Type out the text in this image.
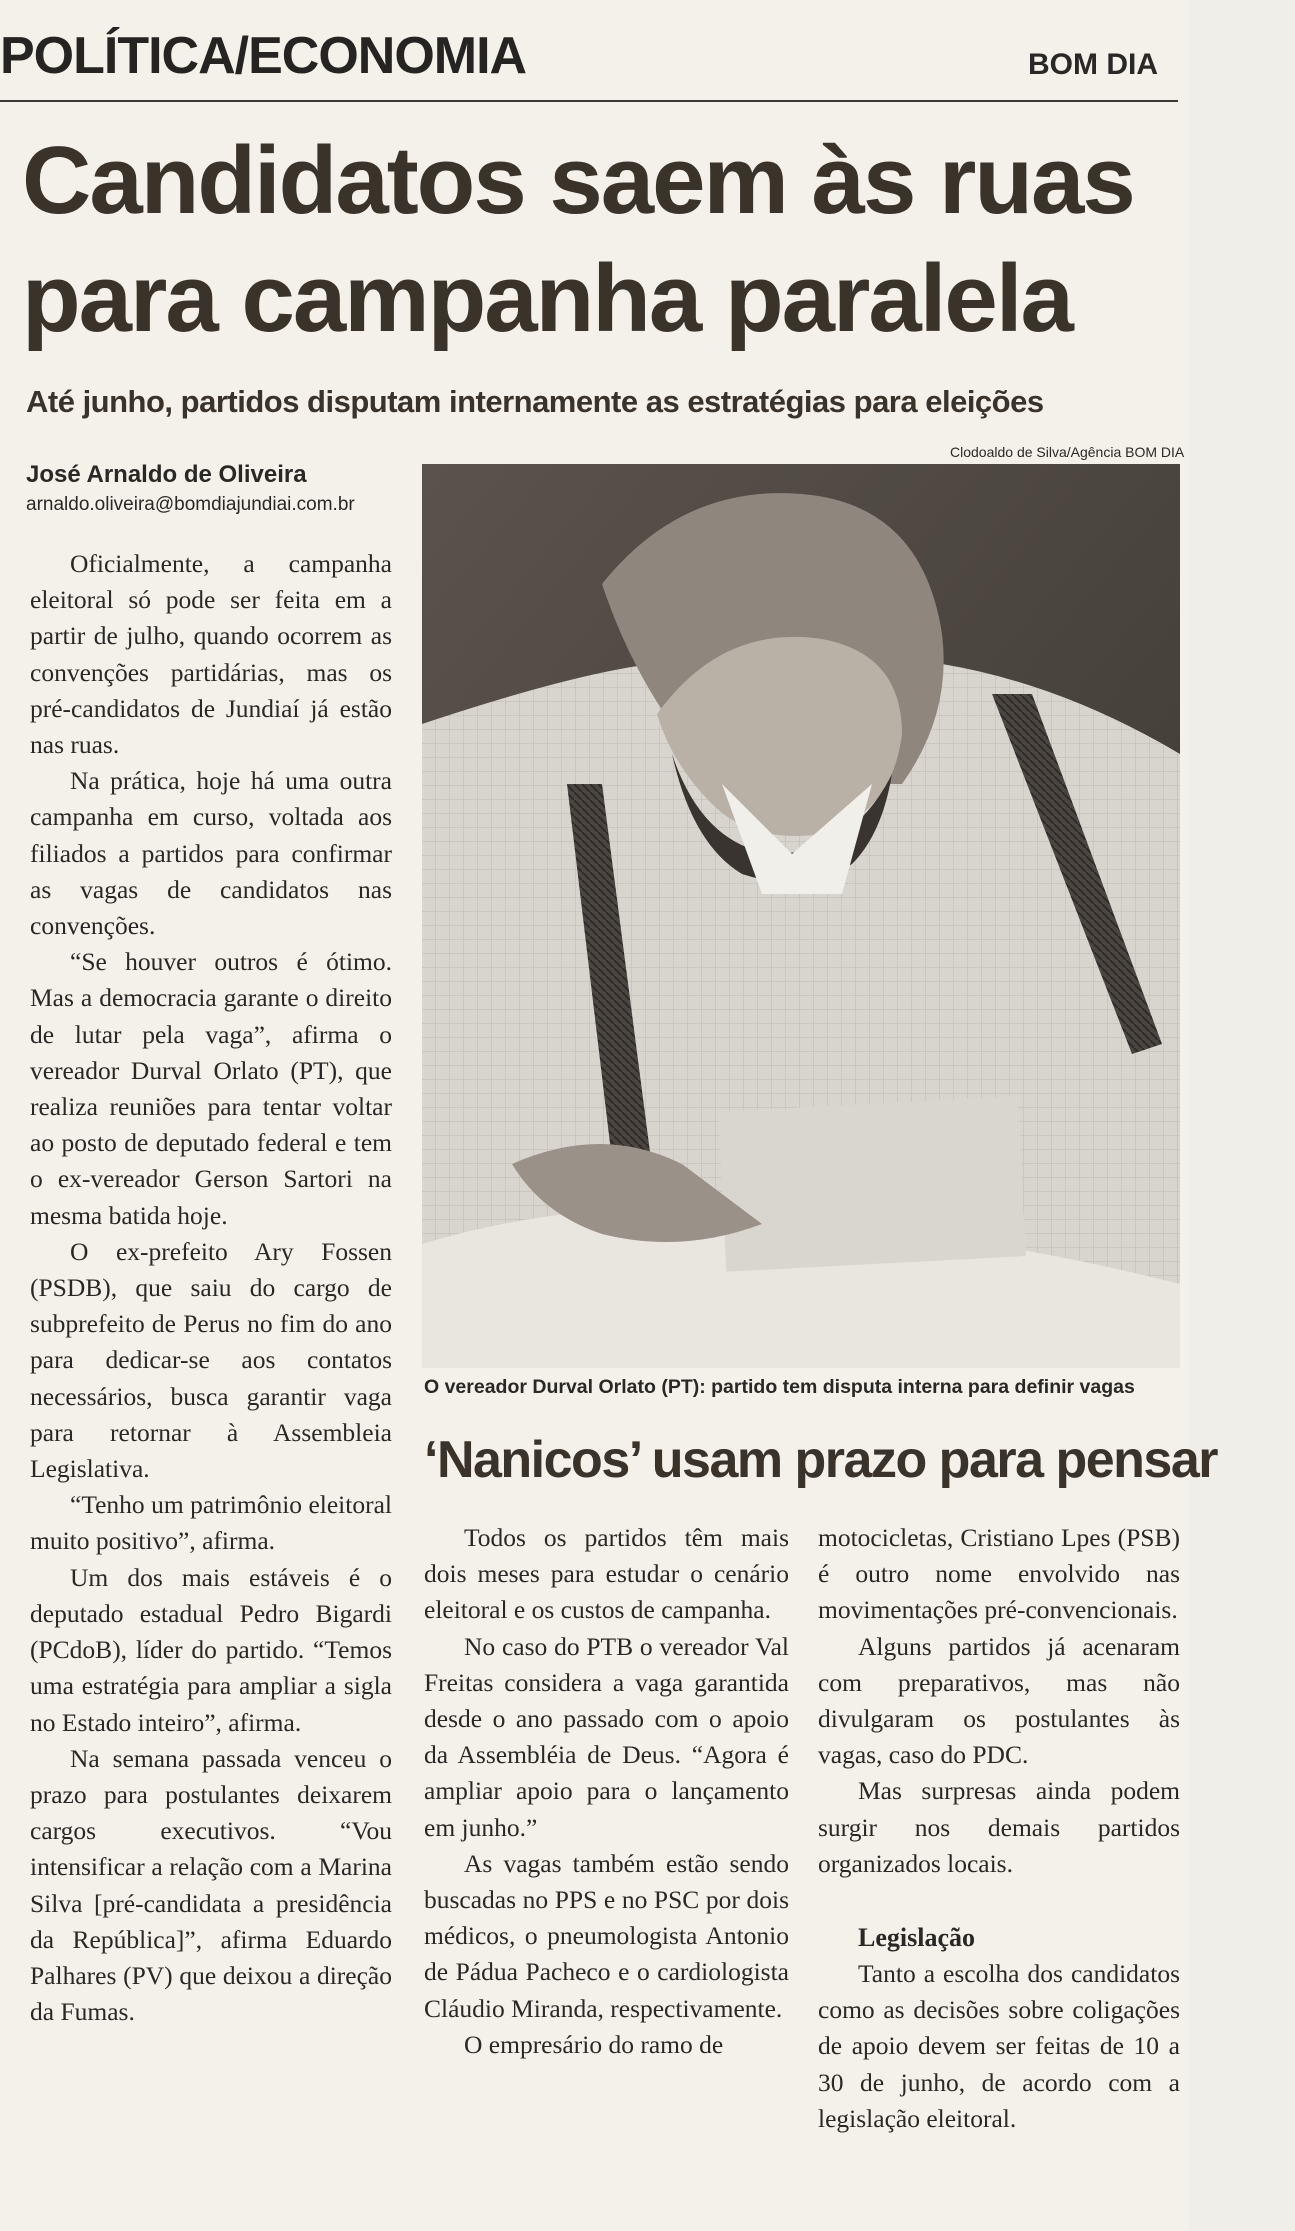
POLÍTICA/ECONOMIA	BOM DIA
Candidatos saem às ruas
para campanha paralela
Até junho, partidos disputam internamente as estratégias para eleições
José Arnaldo de Oliveira
arnaldo.oliveira@bomdiajundiai.com.br
Clodoaldo de Silva/Agência BOM DIA
O vereador Durval Orlato (PT): partido tem disputa interna para definir vagas

Oficialmente, a campanha eleitoral só pode ser feita em a partir de julho, quando ocorrem as convenções partidárias, mas os pré-candidatos de Jundiaí já estão nas ruas.

Na prática, hoje há uma outra campanha em curso, voltada aos filiados a partidos para confirmar as vagas de candidatos nas convenções.

“Se houver outros é ótimo. Mas a democracia garante o direito de lutar pela vaga”, afirma o vereador Durval Orlato (PT), que realiza reuniões para tentar voltar ao posto de deputado federal e tem o ex-vereador Gerson Sartori na mesma batida hoje.

O ex-prefeito Ary Fossen (PSDB), que saiu do cargo de subprefeito de Perus no fim do ano para dedicar-se aos contatos necessários, busca garantir vaga para retornar à Assembleia Legislativa.

“Tenho um patrimônio eleitoral muito positivo”, afirma.

Um dos mais estáveis é o deputado estadual Pedro Bigardi (PCdoB), líder do partido. “Temos uma estratégia para ampliar a sigla no Estado inteiro”, afirma.

Na semana passada venceu o prazo para postulantes deixarem cargos executivos. “Vou intensificar a relação com a Marina Silva [pré-candidata a presidência da República]”, afirma Eduardo Palhares (PV) que deixou a direção da Fumas.

‘Nanicos’ usam prazo para pensar

Todos os partidos têm mais dois meses para estudar o cenário eleitoral e os custos de campanha.

No caso do PTB o vereador Val Freitas considera a vaga garantida desde o ano passado com o apoio da Assembléia de Deus. “Agora é ampliar apoio para o lançamento em junho.”

As vagas também estão sendo buscadas no PPS e no PSC por dois médicos, o pneumologista Antonio de Pádua Pacheco e o cardiologista Cláudio Miranda, respectivamente.

O empresário do ramo de

motocicletas, Cristiano Lpes (PSB) é outro nome envolvido nas movimentações pré-convencionais.

Alguns partidos já acenaram com preparativos, mas não divulgaram os postulantes às vagas, caso do PDC.

Mas surpresas ainda podem surgir nos demais partidos organizados locais.

Legislação

Tanto a escolha dos candidatos como as decisões sobre coligações de apoio devem ser feitas de 10 a 30 de junho, de acordo com a legislação eleitoral.
